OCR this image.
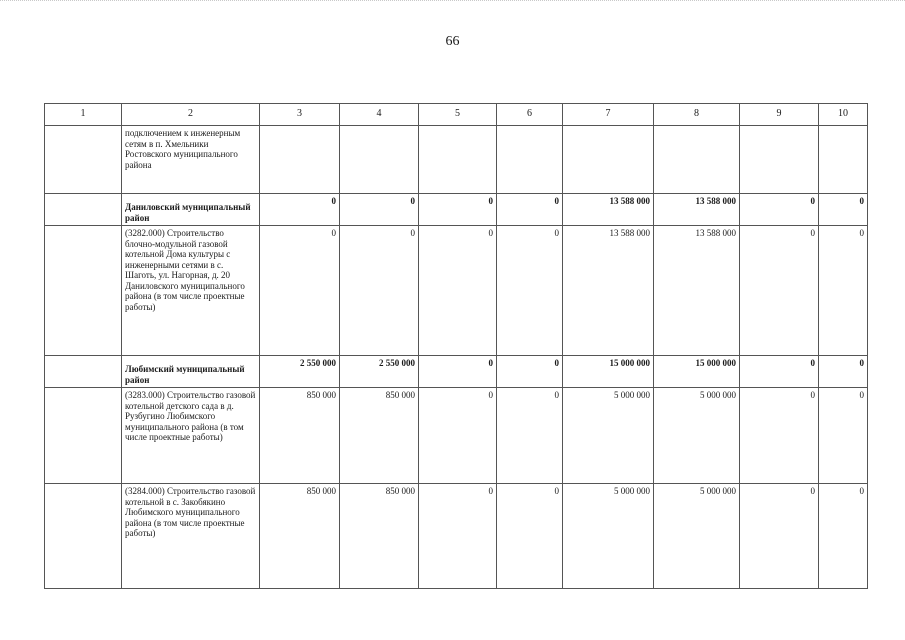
66
1	2	3	4	5	6	7	8	9	10
	подключением к инженерным сетям в п. Хмельники Ростовского муниципального района								
	Даниловский муниципальный район	0	0	0	0	13 588 000	13 588 000	0	0
	(3282.000) Строительство блочно-модульной газовой котельной Дома культуры с инженерными сетями в с. Шаготь, ул. Нагорная, д. 20 Даниловского муниципального района (в том числе проектные работы)	0	0	0	0	13 588 000	13 588 000	0	0
	Любимский муниципальный район	2 550 000	2 550 000	0	0	15 000 000	15 000 000	0	0
	(3283.000) Строительство газовой котельной детского сада в д. Рузбугино Любимского муниципального района (в том числе проектные работы)	850 000	850 000	0	0	5 000 000	5 000 000	0	0
	(3284.000) Строительство газовой котельной в с. Закобякино Любимского муниципального района (в том числе проектные работы)	850 000	850 000	0	0	5 000 000	5 000 000	0	0
